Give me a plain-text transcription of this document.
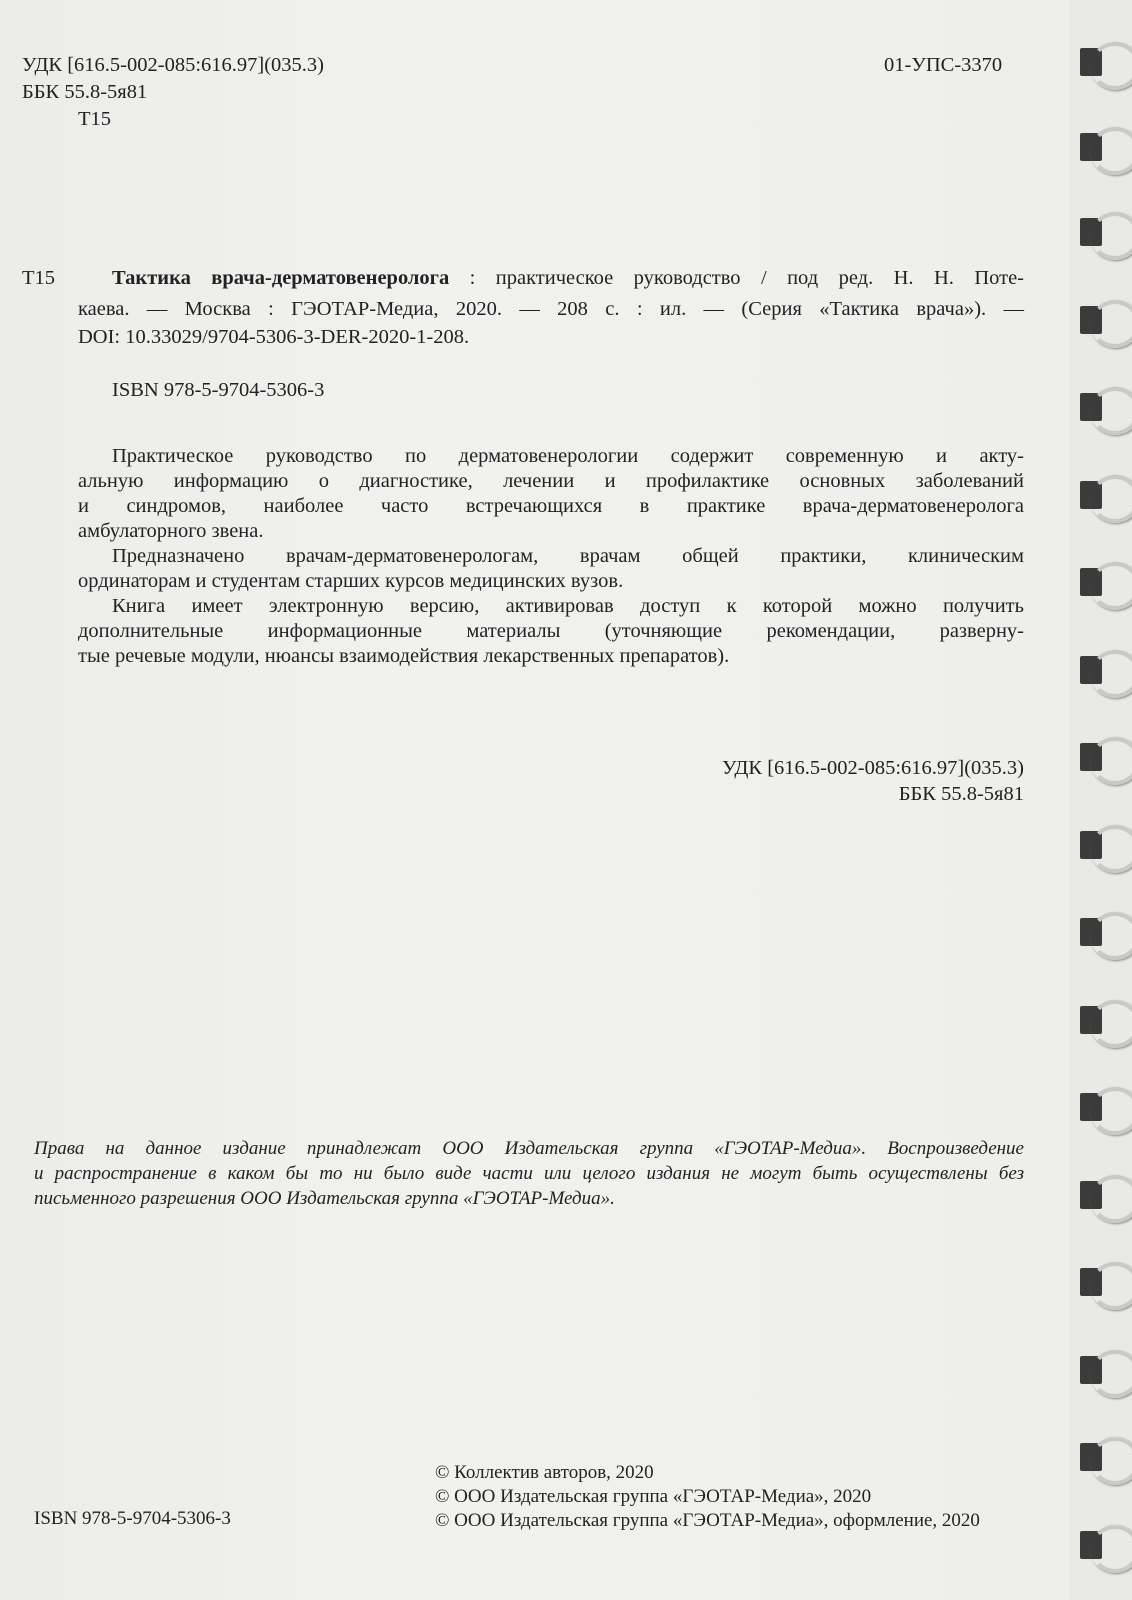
УДК [616.5-002-085:616.97](035.3)
ББК 55.8-5я81
Т15
01-УПС-3370
Т15	Тактика врача-дерматовенеролога : практическое руководство / под ред. Н. Н. Поте-
каева. — Москва : ГЭОТАР-Медиа, 2020. — 208 с. : ил. — (Серия «Тактика врача»). —
DOI: 10.33029/9704-5306-3-DER-2020-1-208.
ISBN 978-5-9704-5306-3
Практическое руководство по дерматовенерологии содержит современную и акту-
альную информацию о диагностике, лечении и профилактике основных заболеваний
и синдромов, наиболее часто встречающихся в практике врача-дерматовенеролога
амбулаторного звена.
Предназначено врачам-дерматовенерологам, врачам общей практики, клиническим
ординаторам и студентам старших курсов медицинских вузов.
Книга имеет электронную версию, активировав доступ к которой можно получить
дополнительные информационные материалы (уточняющие рекомендации, разверну-
тые речевые модули, нюансы взаимодействия лекарственных препаратов).
УДК [616.5-002-085:616.97](035.3)
ББК 55.8-5я81
Права на данное издание принадлежат ООО Издательская группа «ГЭОТАР-Медиа». Воспроизведение
и распространение в каком бы то ни было виде части или целого издания не могут быть осуществлены без
письменного разрешения ООО Издательская группа «ГЭОТАР-Медиа».
ISBN 978-5-9704-5306-3
© Коллектив авторов, 2020
© ООО Издательская группа «ГЭОТАР-Медиа», 2020
© ООО Издательская группа «ГЭОТАР-Медиа», оформление, 2020
